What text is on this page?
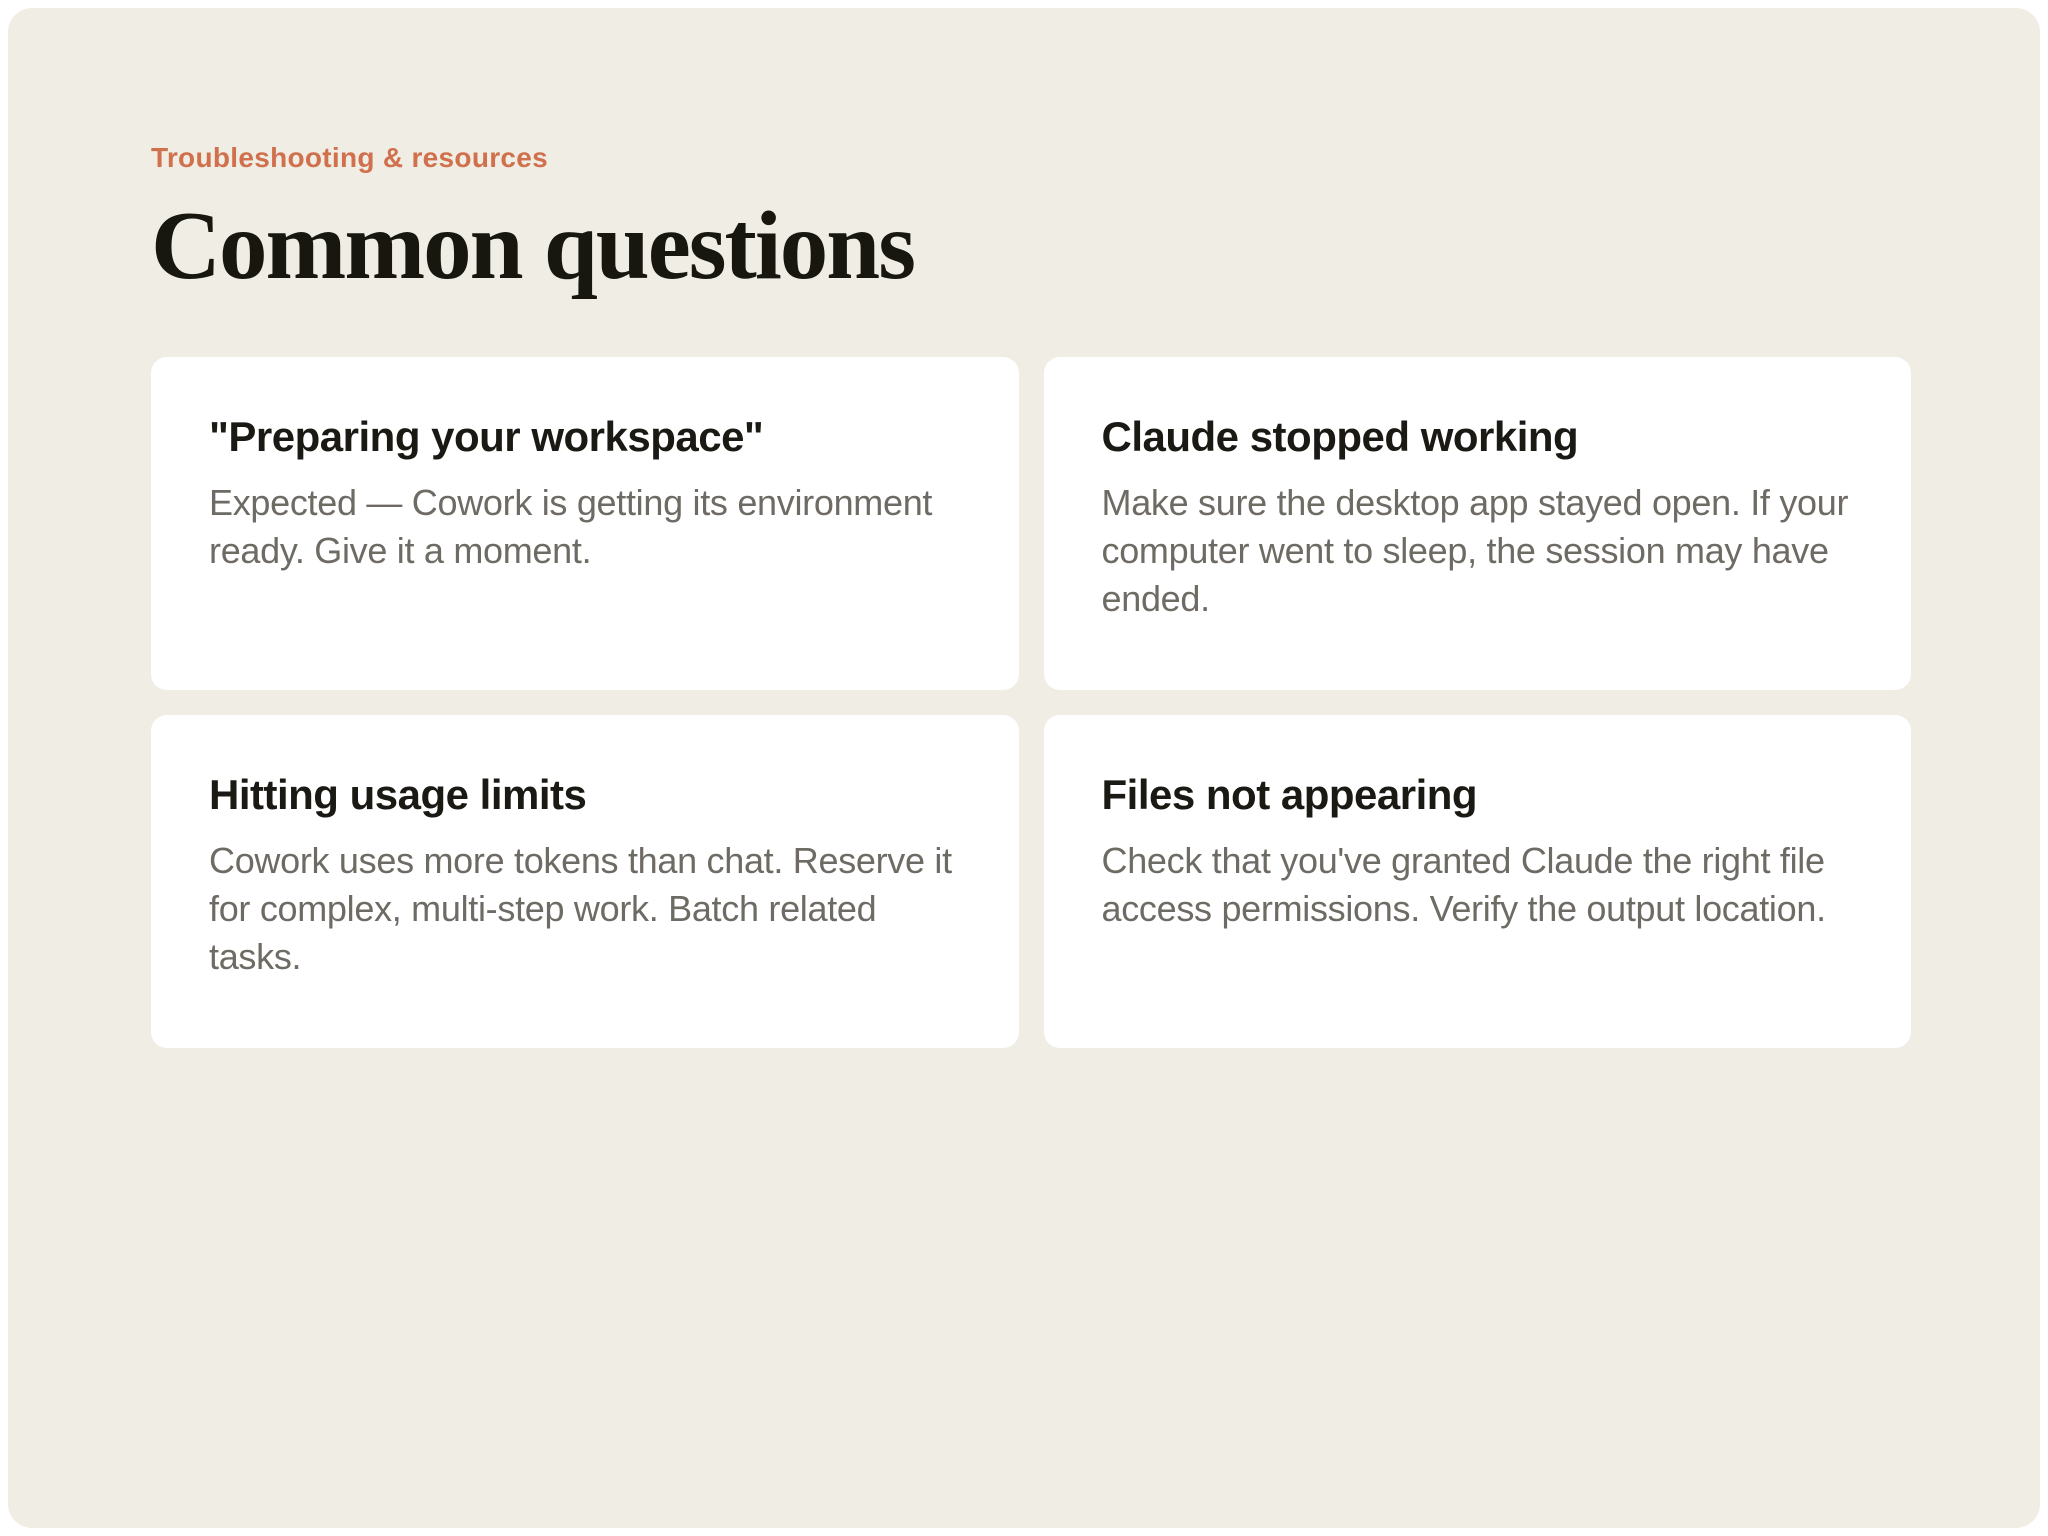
Troubleshooting & resources
Common questions
"Preparing your workspace"

Expected — Cowork is getting its environment ready. Give it a moment.

Claude stopped working

Make sure the desktop app stayed open. If your computer went to sleep, the session may have ended.

Hitting usage limits

Cowork uses more tokens than chat. Reserve it for complex, multi-step work. Batch related tasks.

Files not appearing

Check that you've granted Claude the right file access permissions. Verify the output location.
